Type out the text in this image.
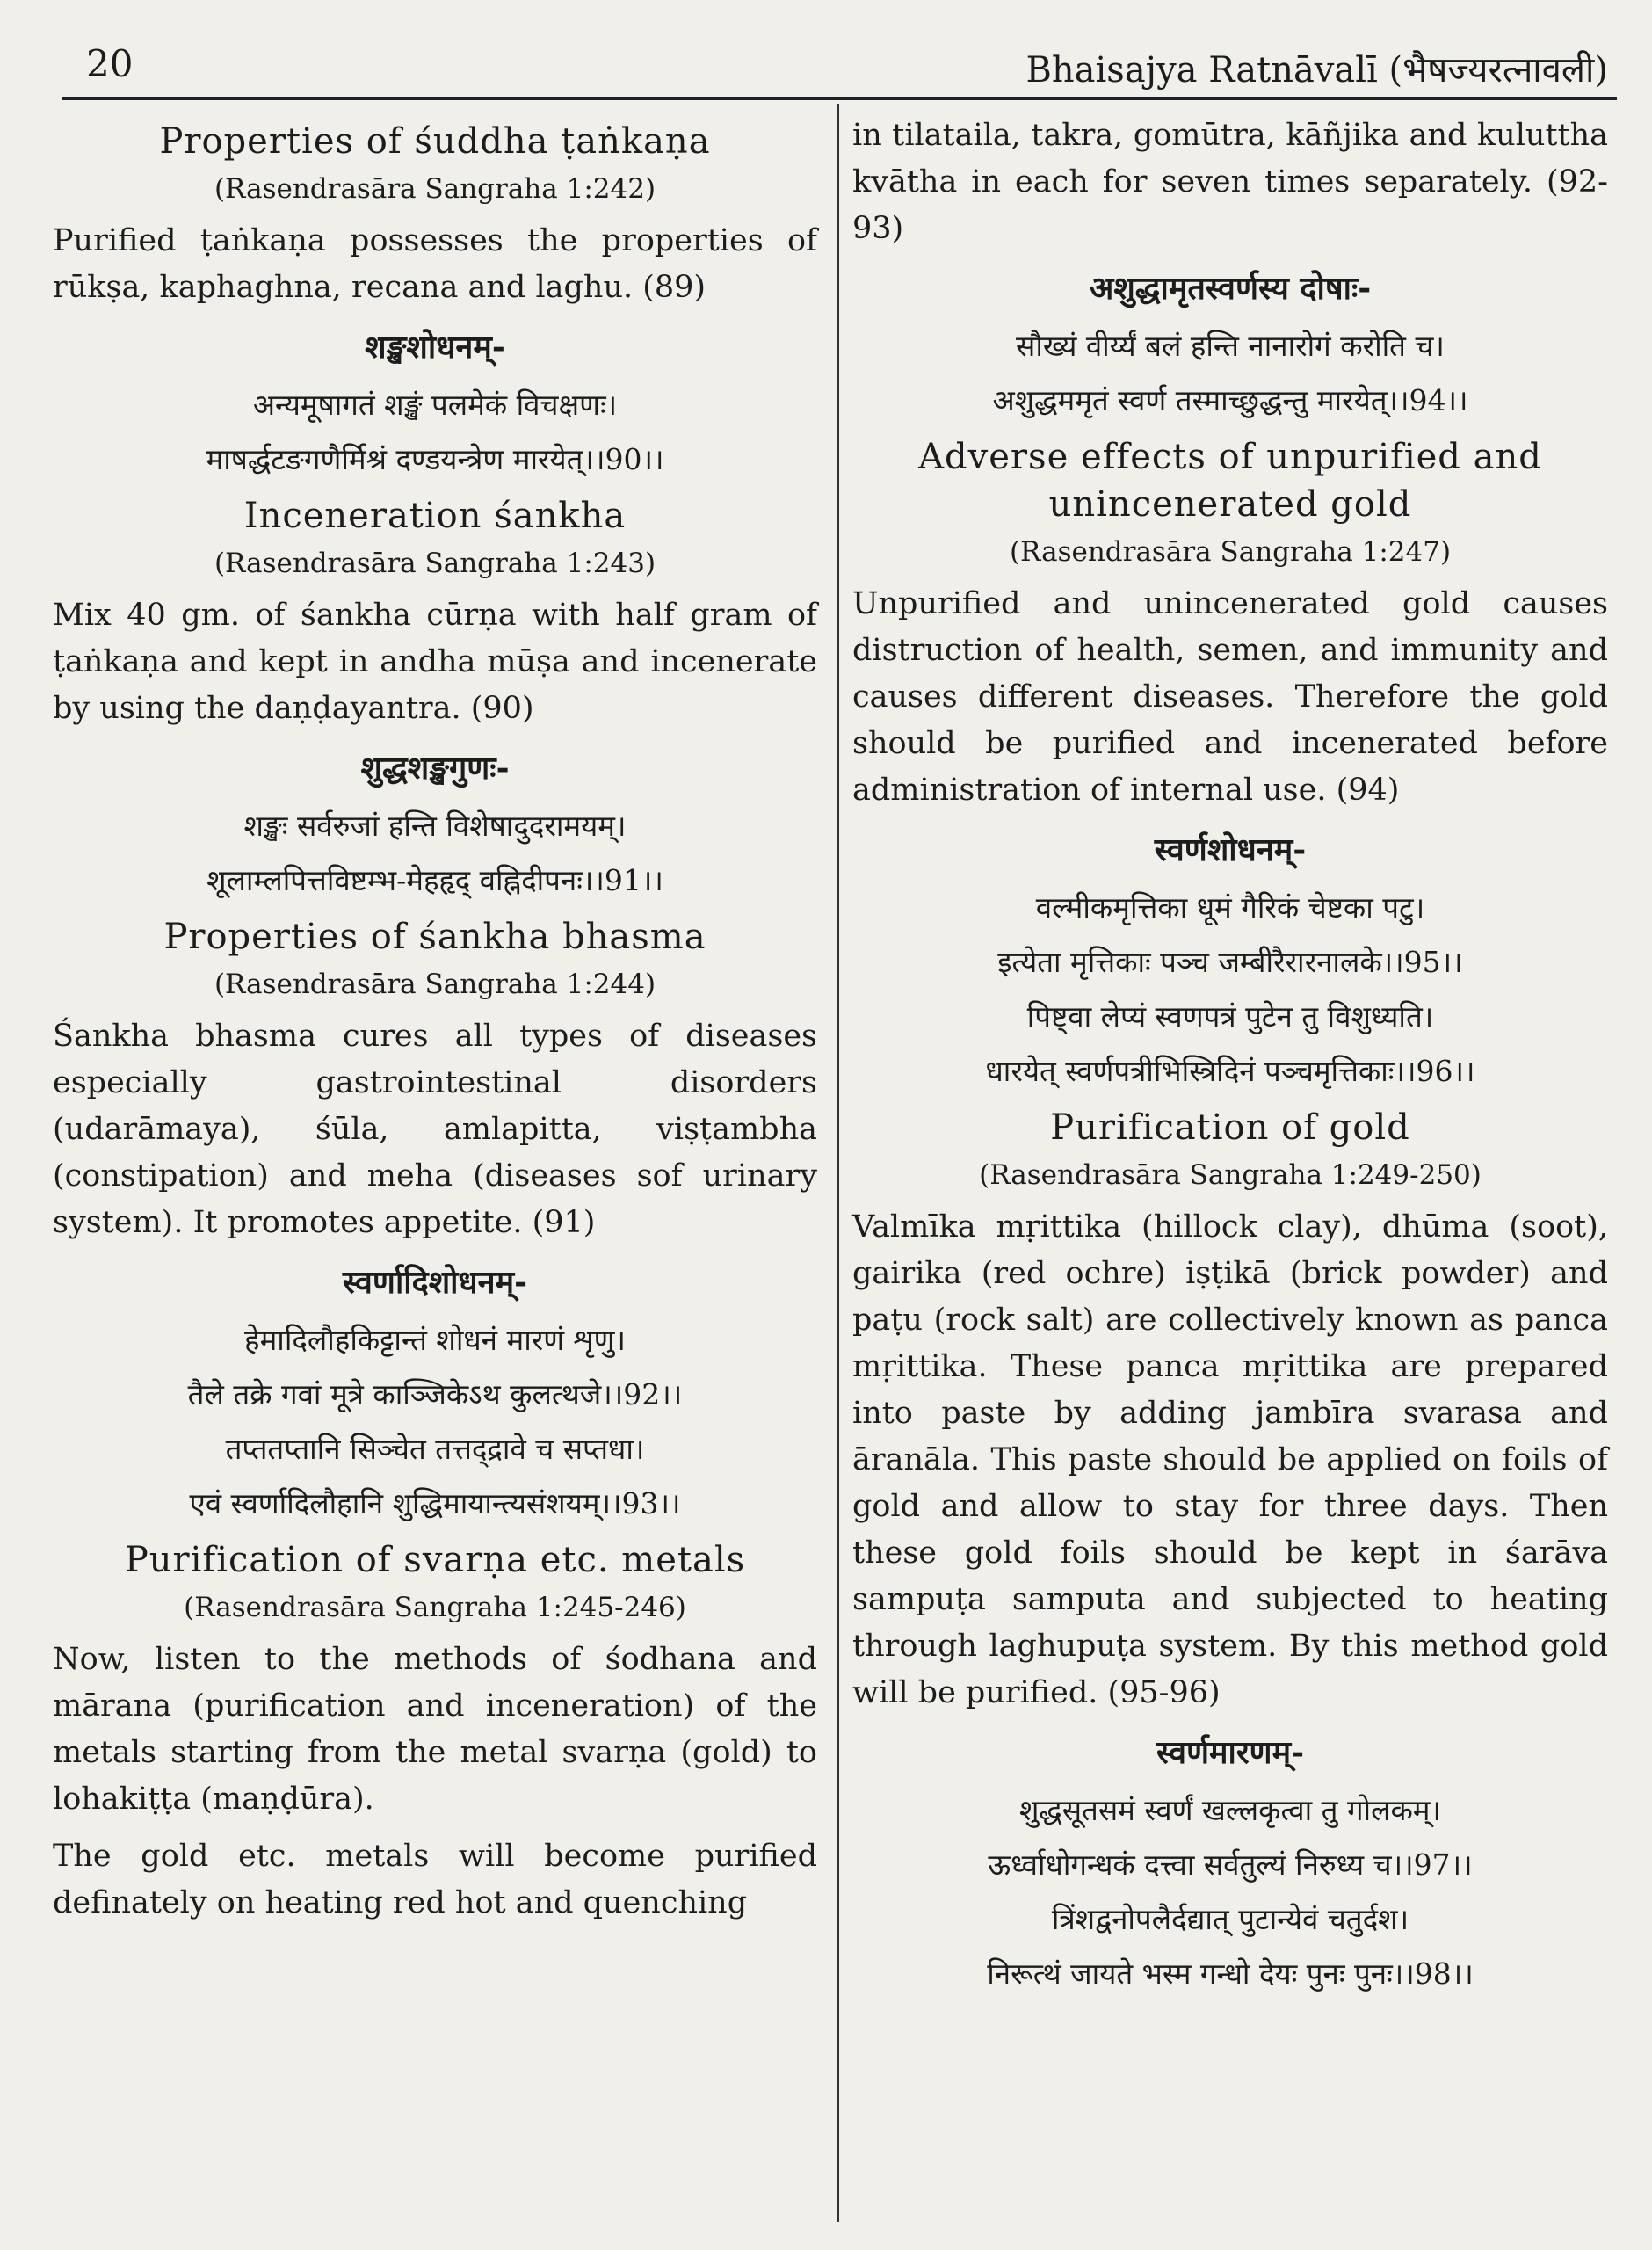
20	Bhaisajya Ratnāvalī (भैषज्यरत्नावली)

Properties of śuddha ṭaṅkaṇa

(Rasendrasāra Sangraha 1:242)

Purified ṭaṅkaṇa possesses the properties of rūkṣa, kaphaghna, recana and laghu. (89)

शङ्खशोधनम्-

अन्यमूषागतं शङ्खं पलमेकं विचक्षणः।

माषर्द्धटङगणैर्मिश्रं दण्डयन्त्रेण मारयेत्।।90।।

Inceneration śankha

(Rasendrasāra Sangraha 1:243)

Mix 40 gm. of śankha cūrṇa with half gram of ṭaṅkaṇa and kept in andha mūṣa and incenerate by using the daṇḍayantra. (90)

शुद्धशङ्खगुणः-

शङ्खः सर्वरुजां हन्ति विशेषादुदरामयम्।

शूलाम्लपित्तविष्टम्भ-मेहहृद् वह्निदीपनः।।91।।

Properties of śankha bhasma

(Rasendrasāra Sangraha 1:244)

Śankha bhasma cures all types of diseases especially gastrointestinal disorders (udarāmaya), śūla, amlapitta, viṣṭambha (constipation) and meha (diseases sof urinary system). It promotes appetite. (91)

स्वर्णादिशोधनम्-

हेमादिलौहकिट्टान्तं शोधनं मारणं शृणु।

तैले तक्रे गवां मूत्रे काञ्जिकेऽथ कुलत्थजे।।92।।

तप्ततप्तानि सिञ्चेत तत्तद्द्रावे च सप्तधा।

एवं स्वर्णादिलौहानि शुद्धिमायान्त्यसंशयम्।।93।।

Purification of svarṇa etc. metals

(Rasendrasāra Sangraha 1:245-246)

Now, listen to the methods of śodhana and mārana (purification and inceneration) of the metals starting from the metal svarṇa (gold) to lohakiṭṭa (maṇḍūra).

The gold etc. metals will become purified definately on heating red hot and quenching

in tilataila, takra, gomūtra, kāñjika and kuluttha kvātha in each for seven times separately. (92-93)

अशुद्धामृतस्वर्णस्य दोषाः-

सौख्यं वीर्य्यं बलं हन्ति नानारोगं करोति च।

अशुद्धममृतं स्वर्ण तस्माच्छुद्धन्तु मारयेत्।।94।।

Adverse effects of unpurified and unincenerated gold

(Rasendrasāra Sangraha 1:247)

Unpurified and unincenerated gold causes distruction of health, semen, and immunity and causes different diseases. Therefore the gold should be purified and incenerated before administration of internal use. (94)

स्वर्णशोधनम्-

वल्मीकमृत्तिका धूमं गैरिकं चेष्टका पटु।

इत्येता मृत्तिकाः पञ्च जम्बीरैरारनालके।।95।।

पिष्ट्वा लेप्यं स्वणपत्रं पुटेन तु विशुध्यति।

धारयेत् स्वर्णपत्रीभिस्त्रिदिनं पञ्चमृत्तिकाः।।96।।

Purification of gold

(Rasendrasāra Sangraha 1:249-250)

Valmīka mṛittika (hillock clay), dhūma (soot), gairika (red ochre) iṣṭikā (brick powder) and paṭu (rock salt) are collectively known as panca mṛittika. These panca mṛittika are prepared into paste by adding jambīra svarasa and āranāla. This paste should be applied on foils of gold and allow to stay for three days. Then these gold foils should be kept in śarāva sampuṭa samputa and subjected to heating through laghupuṭa system. By this method gold will be purified. (95-96)

स्वर्णमारणम्-

शुद्धसूतसमं स्वर्णं खल्लकृत्वा तु गोलकम्।

ऊर्ध्वाधोगन्धकं दत्त्वा सर्वतुल्यं निरुध्य च।।97।।

त्रिंशद्वनोपलैर्दद्यात् पुटान्येवं चतुर्दश।

निरूत्थं जायते भस्म गन्धो देयः पुनः पुनः।।98।।
